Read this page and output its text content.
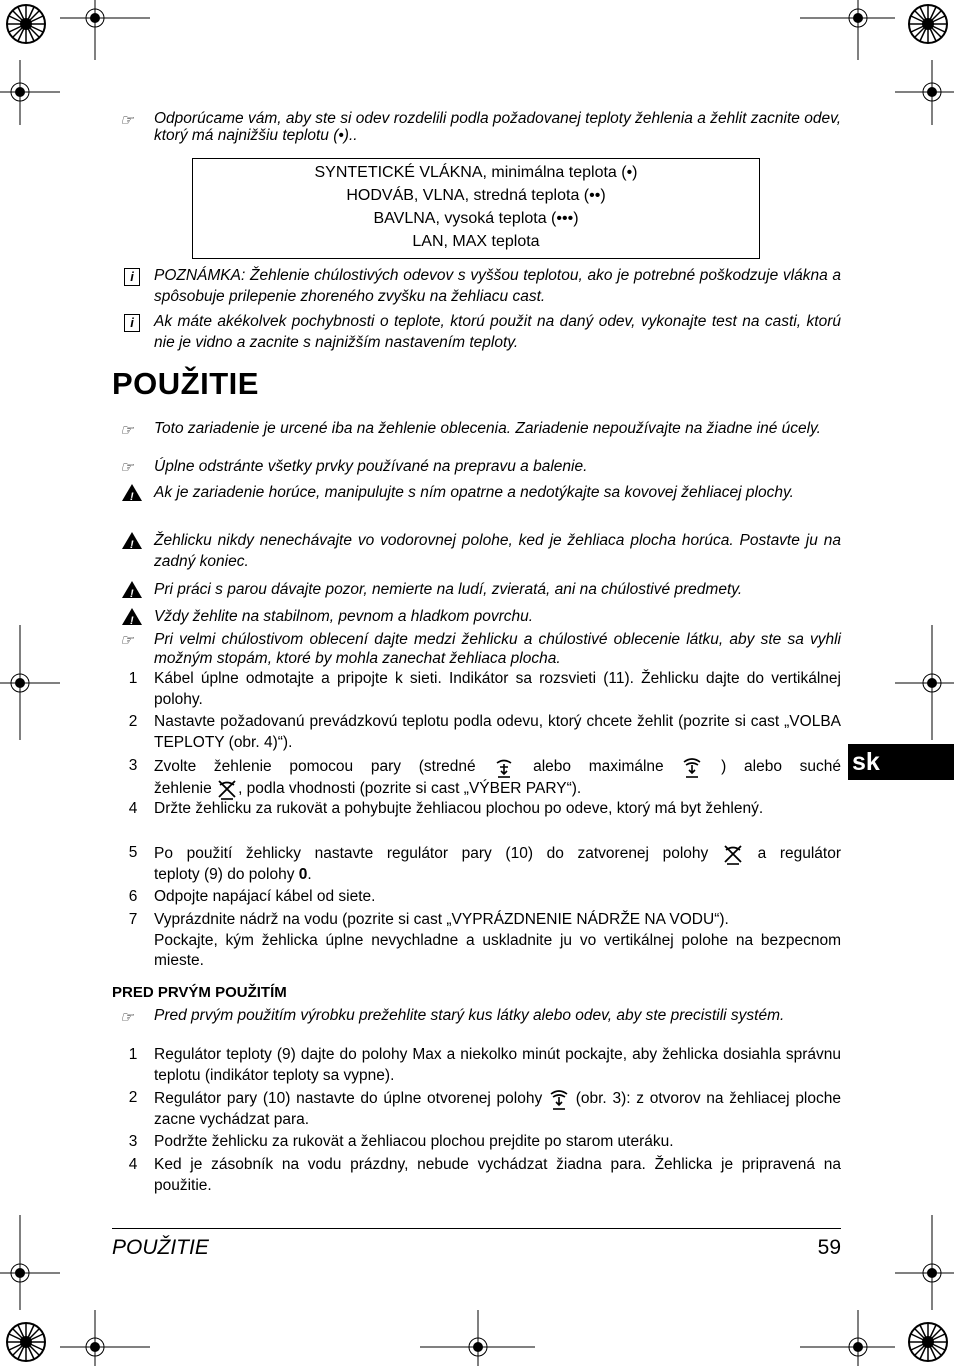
☞
Odporúcame vám, aby ste si odev rozdelili podla požadovanej teploty žehlenia a žehlit zacnite odev, ktorý má najnižšiu teplotu (•)..
SYNTETICKÉ VLÁKNA, minimálna teplota (•)
HODVÁB, VLNA, stredná teplota (••)
BAVLNA, vysoká teplota (•••)
LAN, MAX teplota
i	POZNÁMKA: Žehlenie chúlostivých odevov s vyššou teplotou, ako je potrebné poškodzuje vlákna a spôsobuje prilepenie zhoreného zvyšku na žehliacu cast.
i	Ak máte akékolvek pochybnosti o teplote, ktorú použit na daný odev, vykonajte test na casti, ktorú nie je vidno a zacnite s najnižším nastavením teploty.
POUŽITIE
☞
Toto zariadenie je urcené iba na žehlenie oblecenia. Zariadenie nepoužívajte na žiadne iné úcely.
☞
Úplne odstránte všetky prvky používané na prepravu a balenie.
!
Ak je zariadenie horúce, manipulujte s ním opatrne a nedotýkajte sa kovovej žehliacej plochy.
!
Žehlicku nikdy nenechávajte vo vodorovnej polohe, ked je žehliaca plocha horúca. Postavte ju na zadný koniec.
!
Pri práci s parou dávajte pozor, nemierte na ludí, zvieratá, ani na chúlostivé predmety.
!
Vždy žehlite na stabilnom, pevnom a hladkom povrchu.
☞
Pri velmi chúlostivom oblecení dajte medzi žehlicku a chúlostivé oblecenie látku, aby ste sa vyhli možným stopám, ktoré by mohla zanechat žehliaca plocha.
1 Kábel úplne odmotajte a pripojte k sieti. Indikátor sa rozsvieti (11). Žehlicku dajte do vertikálnej polohy.
2 Nastavte požadovanú prevádzkovú teplotu podla odevu, ktorý chcete žehlit (pozrite si cast „VOLBA TEPLOTY (obr. 4)“).
3 Zvolte žehlenie pomocou pary (stredné	alebo maximálne	) alebo suché
žehlenie , podla vhodnosti (pozrite si cast „VÝBER PARY“).
4 Držte žehlicku za rukovät a pohybujte žehliacou plochou po odeve, ktorý má byt žehlený.
5 Po použití žehlicky nastavte regulátor pary (10) do zatvorenej polohy	a regulátor
teploty (9) do polohy 0.
6 Odpojte napájací kábel od siete.
7 Vyprázdnite nádrž na vodu (pozrite si cast „VYPRÁZDNENIE NÁDRŽE NA VODU“).
Pockajte, kým žehlicka úplne nevychladne a uskladnite ju vo vertikálnej polohe na bezpecnom mieste.
PRED PRVÝM POUŽITÍM
☞
Pred prvým použitím výrobku prežehlite starý kus látky alebo odev, aby ste precistili systém.
1 Regulátor teploty (9) dajte do polohy Max a niekolko minút pockajte, aby žehlicka dosiahla správnu teplotu (indikátor teploty sa vypne).
2 Regulátor pary (10) nastavte do úplne otvorenej polohy (obr. 3): z otvorov na žehliacej ploche zacne vychádzat para.
3 Podržte žehlicku za rukovät a žehliacou plochou prejdite po starom uteráku.
4 Ked je zásobník na vodu prázdny, nebude vychádzat žiadna para. Žehlicka je pripravená na použitie.
sk
POUŽITIE	59
